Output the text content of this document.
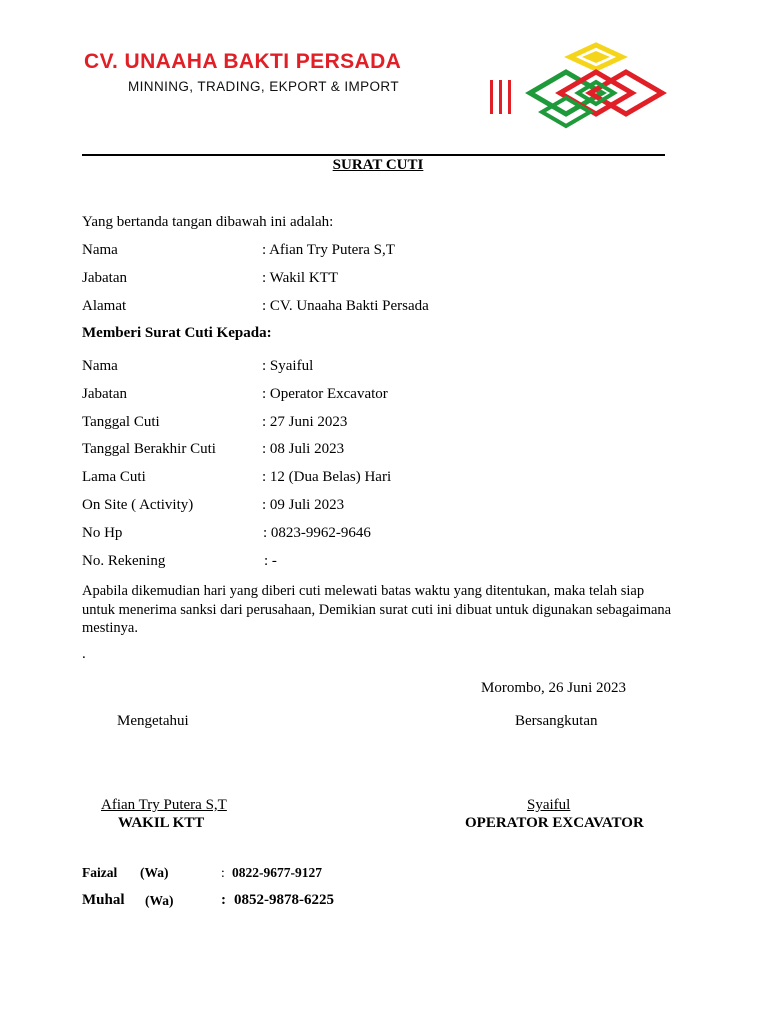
CV. UNAAHA BAKTI PERSADA
MINNING, TRADING, EKPORT & IMPORT
SURAT CUTI
Yang bertanda tangan dibawah ini adalah:
Nama	: Afian Try Putera S,T
Jabatan	: Wakil KTT
Alamat	: CV. Unaaha Bakti Persada
Memberi Surat Cuti Kepada:
Nama	: Syaiful
Jabatan	: Operator Excavator
Tanggal Cuti	: 27 Juni 2023
Tanggal Berakhir Cuti	: 08 Juli 2023
Lama Cuti	: 12 (Dua Belas) Hari
On Site ( Activity)	: 09 Juli 2023
No Hp	: 0823-9962-9646
No. Rekening	: -
Apabila dikemudian hari yang diberi cuti melewati batas waktu yang ditentukan, maka telah siap untuk menerima sanksi dari perusahaan, Demikian surat cuti ini dibuat untuk digunakan sebagaimana mestinya.
.
Morombo, 26 Juni 2023
Mengetahui	Bersangkutan
Afian Try Putera S,T
WAKIL KTT
Syaiful
OPERATOR EXCAVATOR
Faizal (Wa)	: 0822-9677-9127
Muhal (Wa)	: 0852-9878-6225
